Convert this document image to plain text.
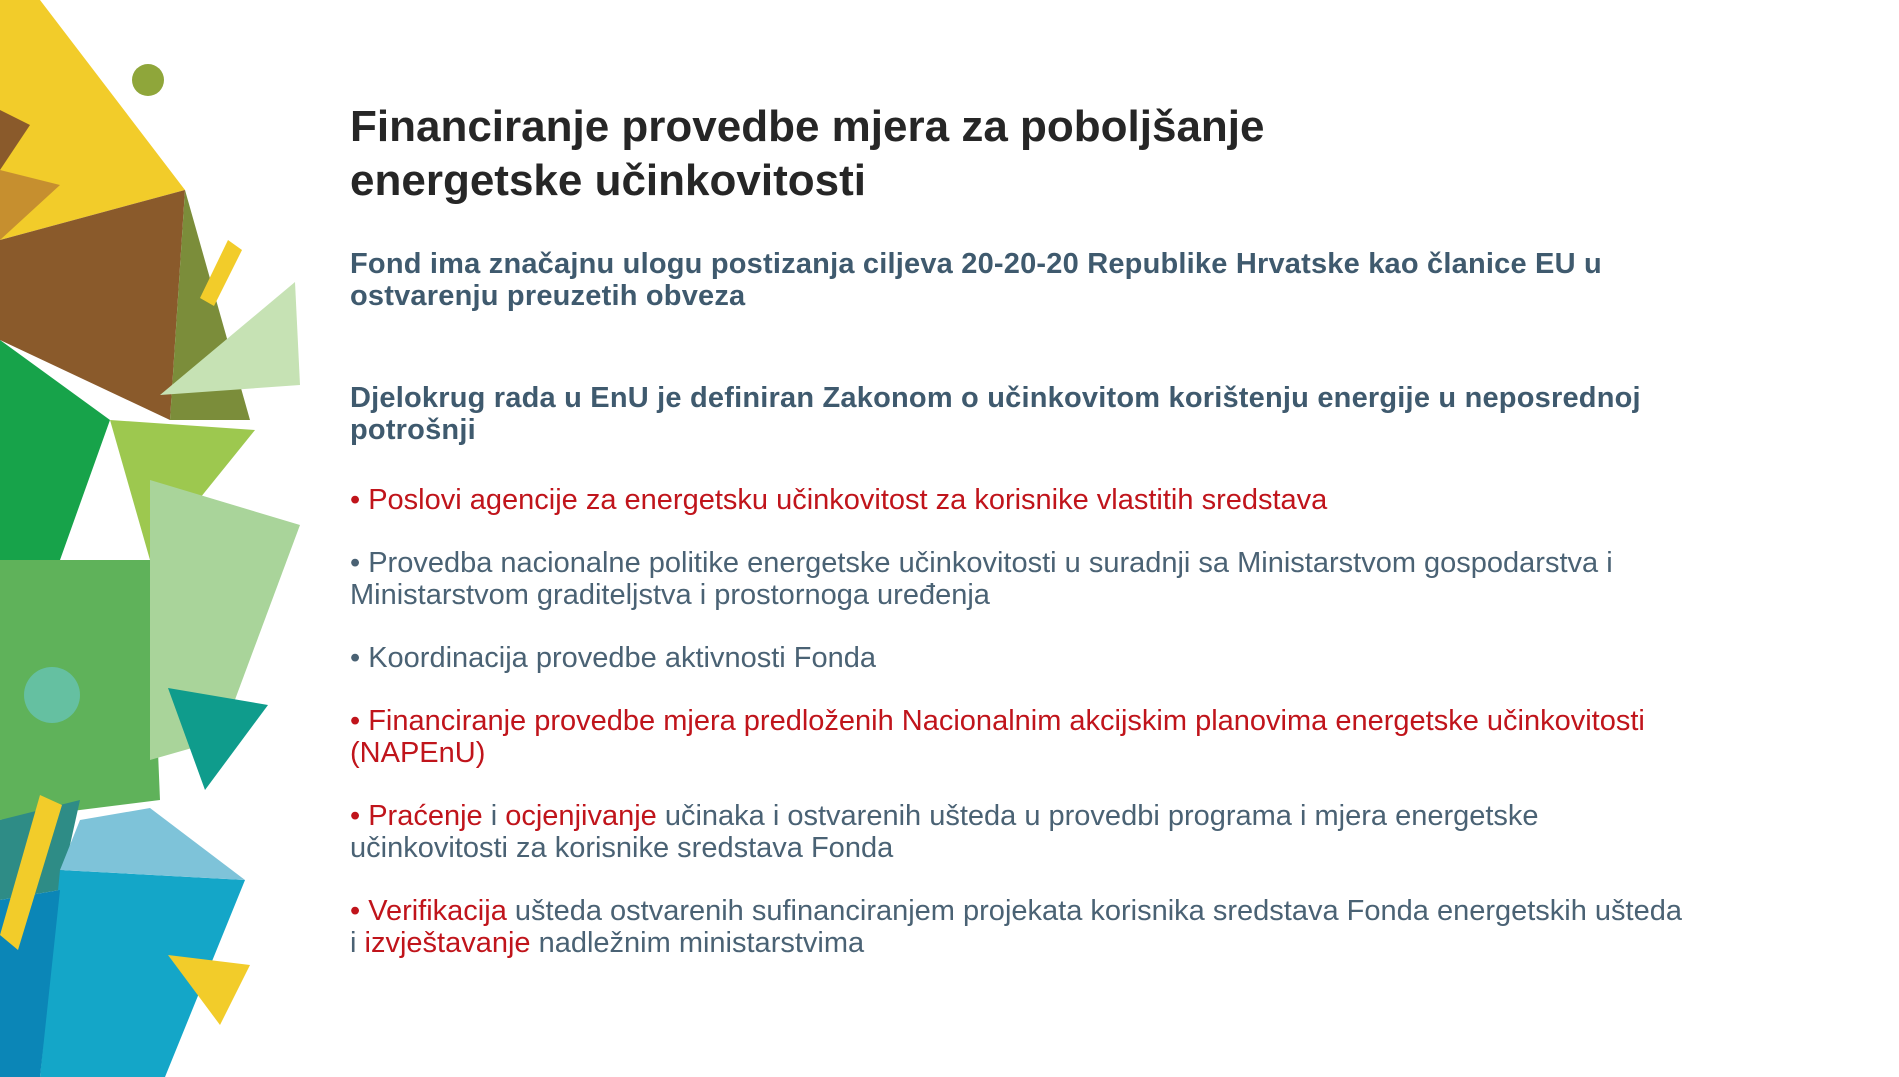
Financiranje provedbe mjera za poboljšanje
energetske učinkovitosti

Fond ima značajnu ulogu postizanja ciljeva 20-20-20 Republike Hrvatske kao članice EU u ostvarenju preuzetih obveza

Djelokrug rada u EnU je definiran Zakonom o učinkovitom korištenju energije u neposrednoj potrošnji

• Poslovi agencije za energetsku učinkovitost za korisnike vlastitih sredstava
• Provedba nacionalne politike energetske učinkovitosti u suradnji sa Ministarstvom gospodarstva i Ministarstvom graditeljstva i prostornoga uređenja
• Koordinacija provedbe aktivnosti Fonda
• Financiranje provedbe mjera predloženih Nacionalnim akcijskim planovima energetske učinkovitosti (NAPEnU)
• Praćenje i ocjenjivanje učinaka i ostvarenih ušteda u provedbi programa i mjera energetske učinkovitosti za korisnike sredstava Fonda
• Verifikacija ušteda ostvarenih sufinanciranjem projekata korisnika sredstava Fonda energetskih ušteda i izvještavanje nadležnim ministarstvima
